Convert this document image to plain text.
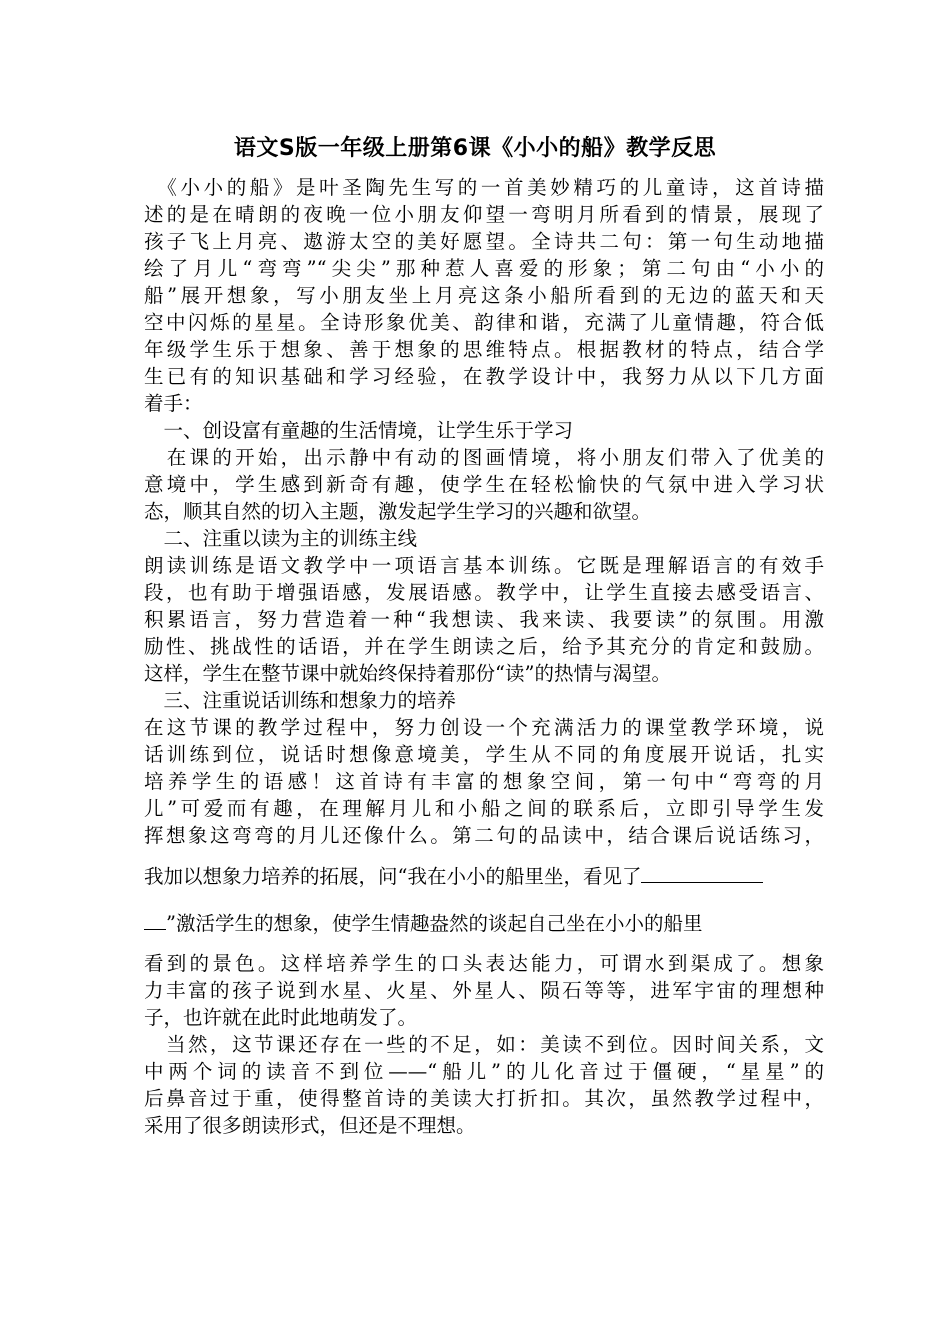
语文S版一年级上册第6课《小小的船》教学反思
　《小小的船》是叶圣陶先生写的一首美妙精巧的儿童诗，这首诗描
述的是在晴朗的夜晚一位小朋友仰望一弯明月所看到的情景，展现了
孩子飞上月亮、遨游太空的美好愿望。全诗共二句：第一句生动地描
绘了月儿“弯弯”“尖尖”那种惹人喜爱的形象；第二句由“小小的
船”展开想象，写小朋友坐上月亮这条小船所看到的无边的蓝天和天
空中闪烁的星星。全诗形象优美、韵律和谐，充满了儿童情趣，符合低
年级学生乐于想象、善于想象的思维特点。根据教材的特点，结合学
生已有的知识基础和学习经验，在教学设计中，我努力从以下几方面
着手：
　一、创设富有童趣的生活情境，让学生乐于学习
　在课的开始，出示静中有动的图画情境，将小朋友们带入了优美的
意境中，学生感到新奇有趣，使学生在轻松愉快的气氛中进入学习状
态，顺其自然的切入主题，激发起学生学习的兴趣和欲望。
　二、注重以读为主的训练主线
朗读训练是语文教学中一项语言基本训练。它既是理解语言的有效手
段，也有助于增强语感，发展语感。教学中，让学生直接去感受语言、
积累语言，努力营造着一种“我想读、我来读、我要读”的氛围。用激
励性、挑战性的话语，并在学生朗读之后，给予其充分的肯定和鼓励。
这样，学生在整节课中就始终保持着那份“读”的热情与渴望。
　三、注重说话训练和想象力的培养
在这节课的教学过程中，努力创设一个充满活力的课堂教学环境，说
话训练到位，说话时想像意境美，学生从不同的角度展开说话，扎实
培养学生的语感！这首诗有丰富的想象空间，第一句中“弯弯的月
儿”可爱而有趣，在理解月儿和小船之间的联系后，立即引导学生发
挥想象这弯弯的月儿还像什么。第二句的品读中，结合课后说话练习，
我加以想象力培养的拓展，问“我在小小的船里坐，看见了
”激活学生的想象，使学生情趣盎然的谈起自己坐在小小的船里
看到的景色。这样培养学生的口头表达能力，可谓水到渠成了。想象
力丰富的孩子说到水星、火星、外星人、陨石等等，进军宇宙的理想种
子，也许就在此时此地萌发了。
　当然，这节课还存在一些的不足，如：美读不到位。因时间关系，文
中两个词的读音不到位——“船儿”的儿化音过于僵硬，“星星”的
后鼻音过于重，使得整首诗的美读大打折扣。其次，虽然教学过程中，
采用了很多朗读形式，但还是不理想。
